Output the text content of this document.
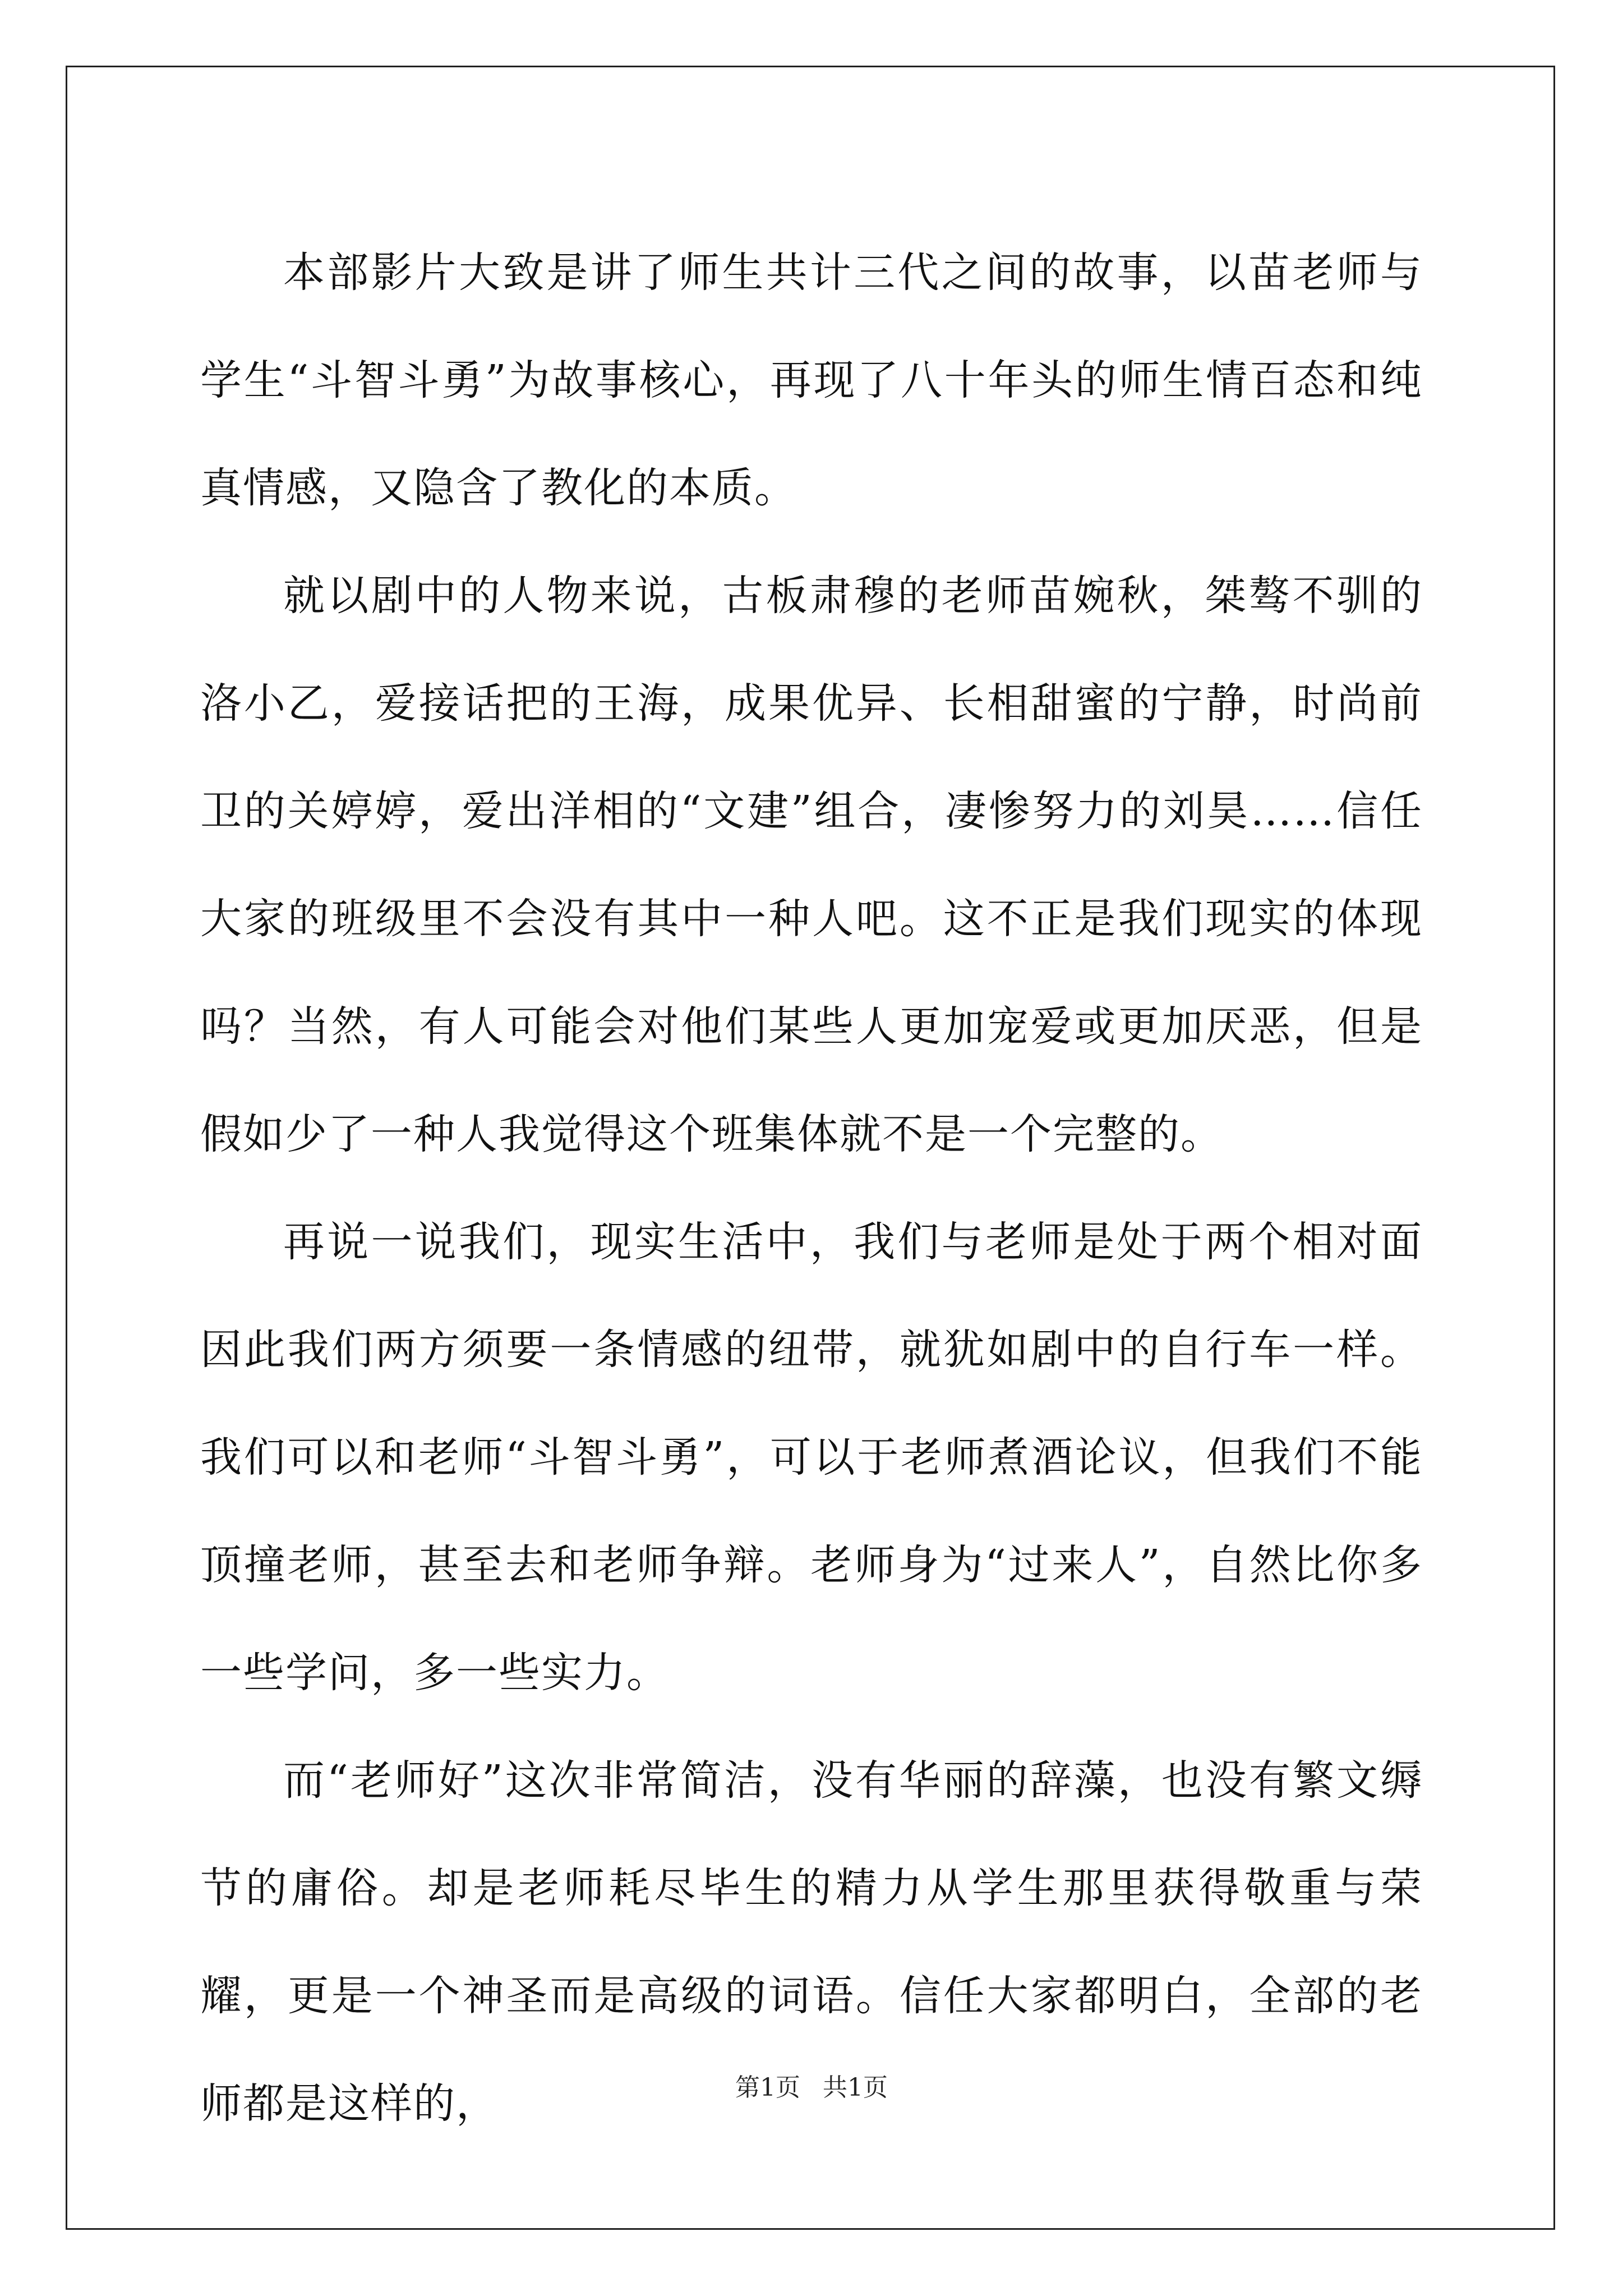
本部影片大致是讲了师生共计三代之间的故事，以苗老师与学生“斗智斗勇”为故事核心，再现了八十年头的师生情百态和纯真情感，又隐含了教化的本质。

就以剧中的人物来说，古板肃穆的老师苗婉秋，桀骜不驯的洛小乙，爱接话把的王海，成果优异、长相甜蜜的宁静，时尚前卫的关婷婷，爱出洋相的“文建”组合，凄惨努力的刘昊……信任大家的班级里不会没有其中一种人吧。这不正是我们现实的体现吗？当然，有人可能会对他们某些人更加宠爱或更加厌恶，但是假如少了一种人我觉得这个班集体就不是一个完整的。

再说一说我们，现实生活中，我们与老师是处于两个相对面因此我们两方须要一条情感的纽带，就犹如剧中的自行车一样。我们可以和老师“斗智斗勇”，可以于老师煮酒论议，但我们不能顶撞老师，甚至去和老师争辩。老师身为“过来人”，自然比你多一些学问，多一些实力。

而“老师好”这次非常简洁，没有华丽的辞藻，也没有繁文缛节的庸俗。却是老师耗尽毕生的精力从学生那里获得敬重与荣耀，更是一个神圣而是高级的词语。信任大家都明白，全部的老师都是这样的，	第1页 共1页
